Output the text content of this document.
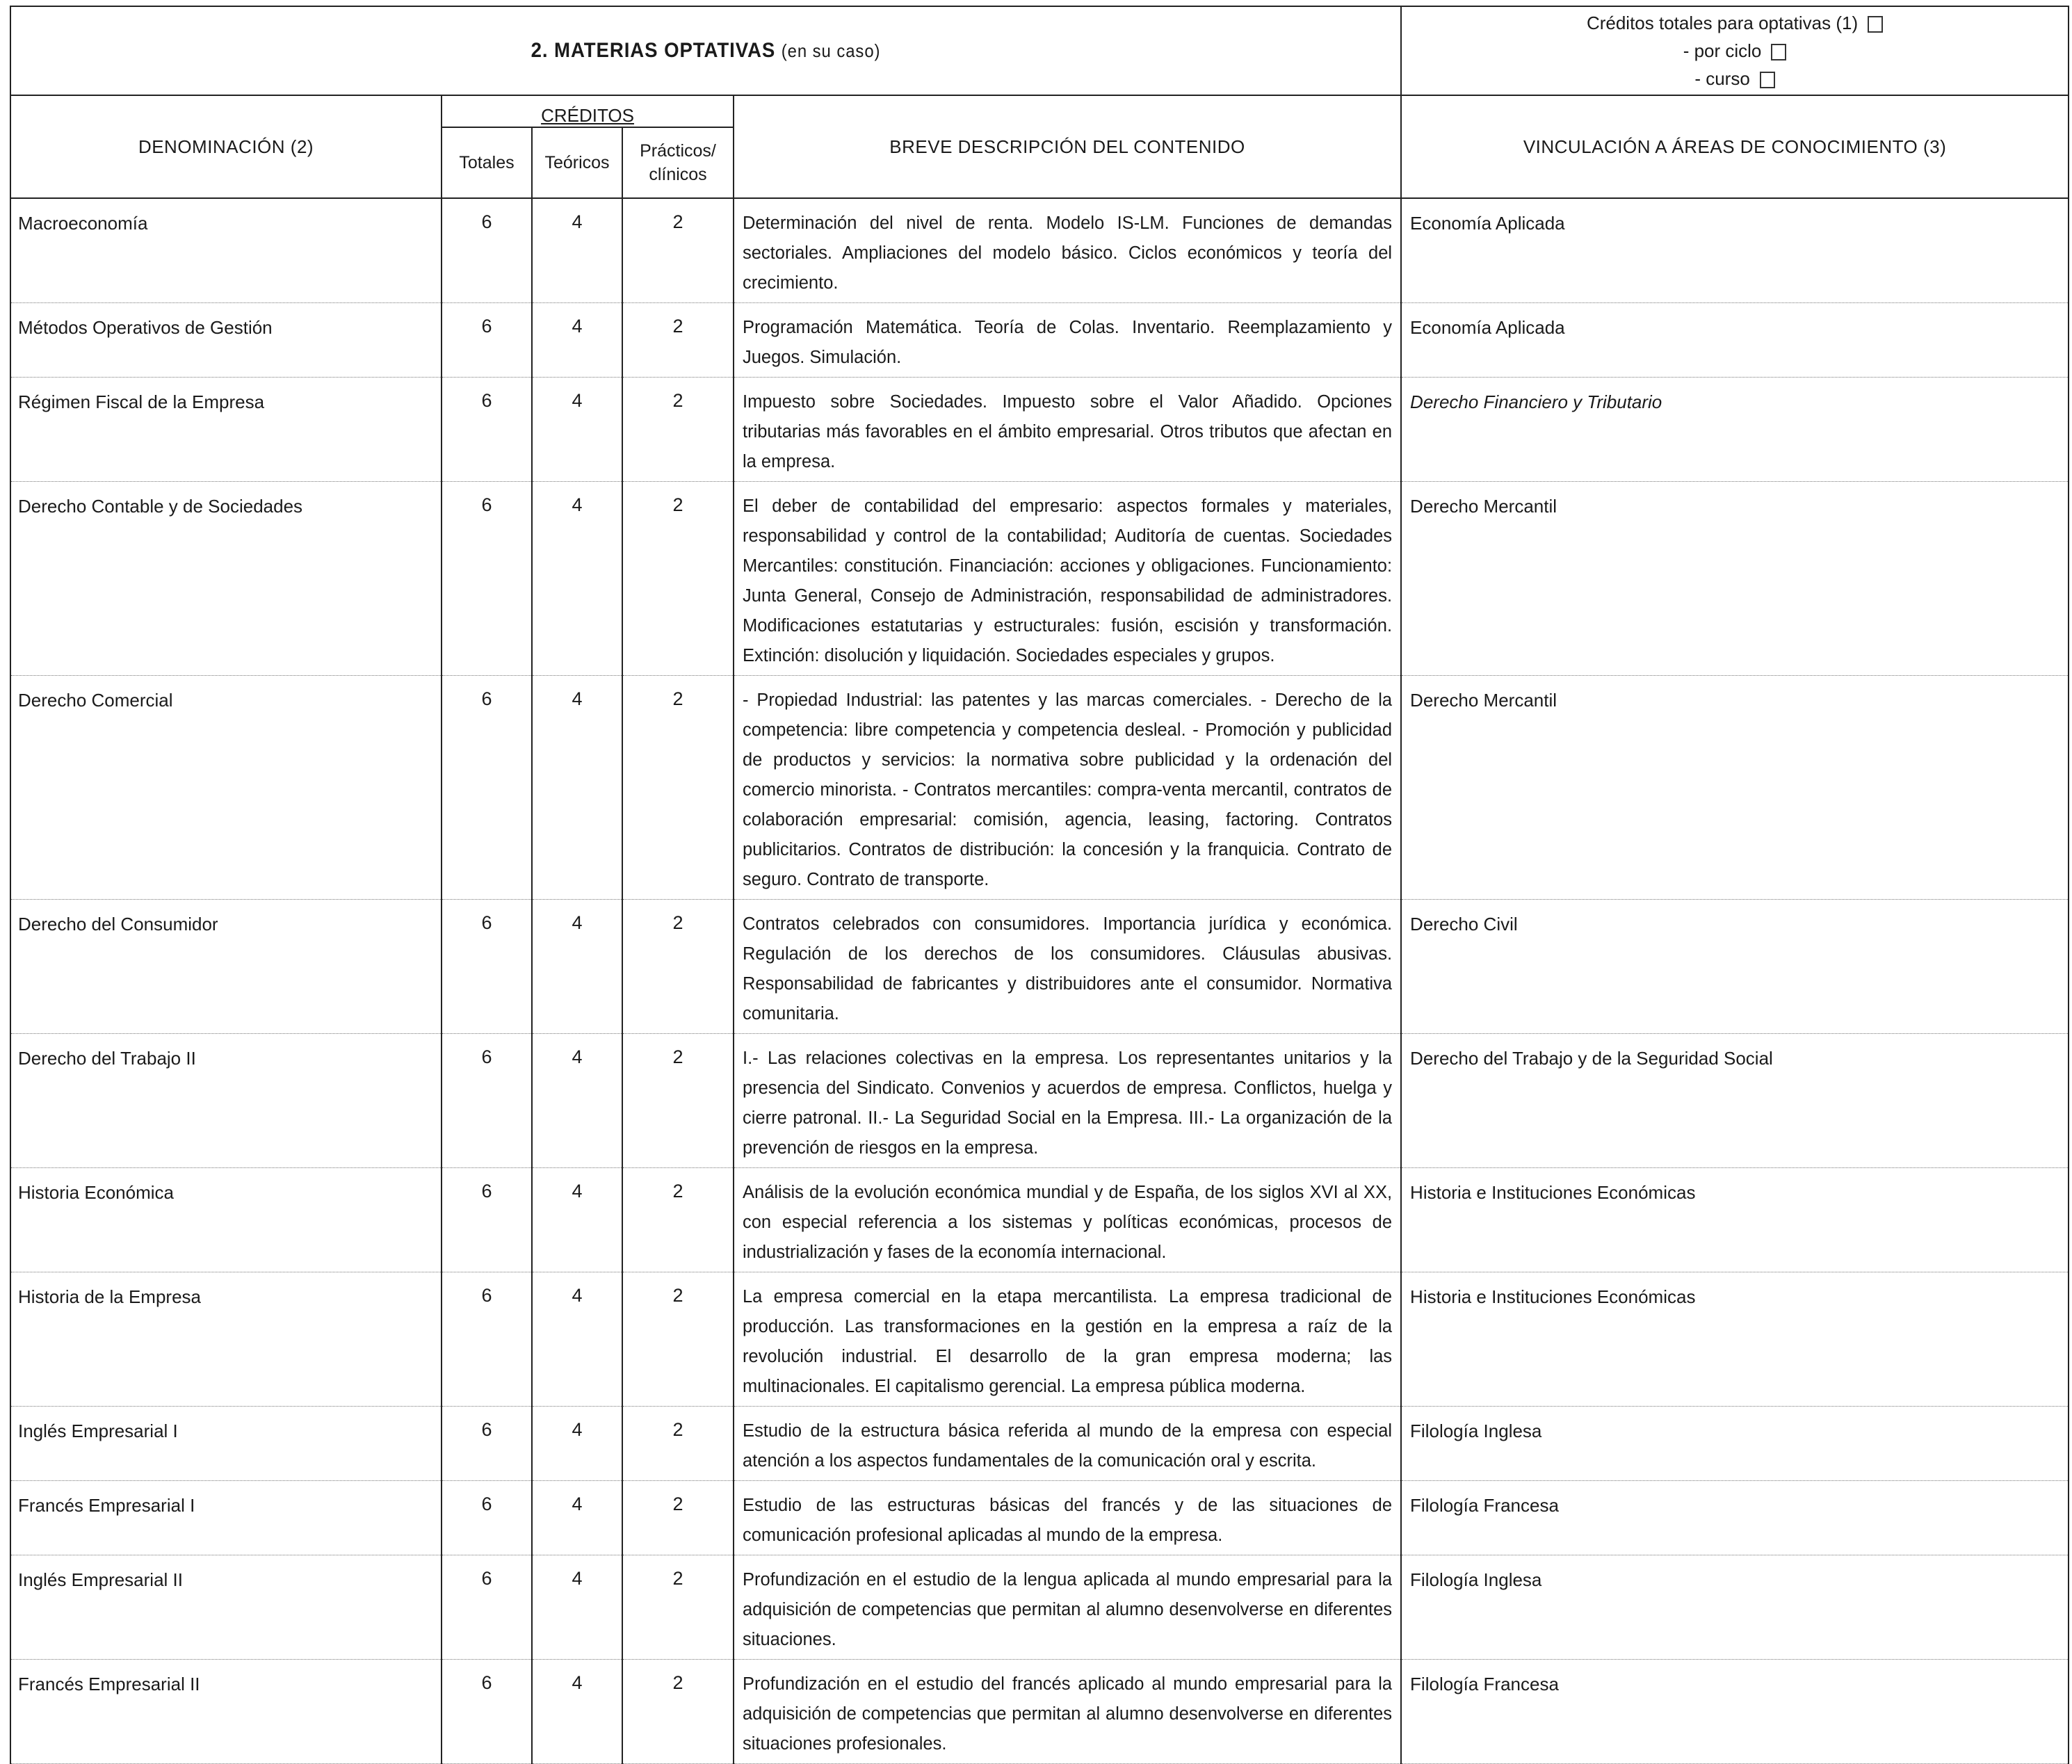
2. MATERIAS OPTATIVAS (en su caso)					Créditos totales para optativas (1)
- por ciclo
- curso

DENOMINACIÓN (2)	CRÉDITOS			BREVE DESCRIPCIÓN DEL CONTENIDO	VINCULACIÓN A ÁREAS DE CONOCIMIENTO (3)
	Totales	Teóricos	Prácticos/ clínicos		
Macroeconomía	6	4	2	Determinación del nivel de renta. Modelo IS-LM. Funciones de demandas sectoriales. Ampliaciones del modelo básico. Ciclos económicos y teoría del crecimiento.	Economía Aplicada
Métodos Operativos de Gestión	6	4	2	Programación Matemática. Teoría de Colas. Inventario. Reemplazamiento y Juegos. Simulación.	Economía Aplicada
Régimen Fiscal de la Empresa	6	4	2	Impuesto sobre Sociedades. Impuesto sobre el Valor Añadido. Opciones tributarias más favorables en el ámbito empresarial. Otros tributos que afectan en la empresa.	Derecho Financiero y Tributario
Derecho Contable y de Sociedades	6	4	2	El deber de contabilidad del empresario: aspectos formales y materiales, responsabilidad y control de la contabilidad; Auditoría de cuentas. Sociedades Mercantiles: constitución. Financiación: acciones y obligaciones. Funcionamiento: Junta General, Consejo de Administración, responsabilidad de administradores. Modificaciones estatutarias y estructurales: fusión, escisión y transformación. Extinción: disolución y liquidación. Sociedades especiales y grupos.	Derecho Mercantil
Derecho Comercial	6	4	2	- Propiedad Industrial: las patentes y las marcas comerciales. - Derecho de la competencia: libre competencia y competencia desleal. - Promoción y publicidad de productos y servicios: la normativa sobre publicidad y la ordenación del comercio minorista. - Contratos mercantiles: compra-venta mercantil, contratos de colaboración empresarial: comisión, agencia, leasing, factoring. Contratos publicitarios. Contratos de distribución: la concesión y la franquicia. Contrato de seguro. Contrato de transporte.	Derecho Mercantil
Derecho del Consumidor	6	4	2	Contratos celebrados con consumidores. Importancia jurídica y económica. Regulación de los derechos de los consumidores. Cláusulas abusivas. Responsabilidad de fabricantes y distribuidores ante el consumidor. Normativa comunitaria.	Derecho Civil
Derecho del Trabajo II	6	4	2	I.- Las relaciones colectivas en la empresa. Los representantes unitarios y la presencia del Sindicato. Convenios y acuerdos de empresa. Conflictos, huelga y cierre patronal. II.- La Seguridad Social en la Empresa. III.- La organización de la prevención de riesgos en la empresa.	Derecho del Trabajo y de la Seguridad Social
Historia Económica	6	4	2	Análisis de la evolución económica mundial y de España, de los siglos XVI al XX, con especial referencia a los sistemas y políticas económicas, procesos de industrialización y fases de la economía internacional.	Historia e Instituciones Económicas
Historia de la Empresa	6	4	2	La empresa comercial en la etapa mercantilista. La empresa tradicional de producción. Las transformaciones en la gestión en la empresa a raíz de la revolución industrial. El desarrollo de la gran empresa moderna; las multinacionales. El capitalismo gerencial. La empresa pública moderna.	Historia e Instituciones Económicas
Inglés Empresarial I	6	4	2	Estudio de la estructura básica referida al mundo de la empresa con especial atención a los aspectos fundamentales de la comunicación oral y escrita.	Filología Inglesa
Francés Empresarial I	6	4	2	Estudio de las estructuras básicas del francés y de las situaciones de comunicación profesional aplicadas al mundo de la empresa.	Filología Francesa
Inglés Empresarial II	6	4	2	Profundización en el estudio de la lengua aplicada al mundo empresarial para la adquisición de competencias que permitan al alumno desenvolverse en diferentes situaciones.	Filología Inglesa
Francés Empresarial II	6	4	2	Profundización en el estudio del francés aplicado al mundo empresarial para la adquisición de competencias que permitan al alumno desenvolverse en diferentes situaciones profesionales.	Filología Francesa
